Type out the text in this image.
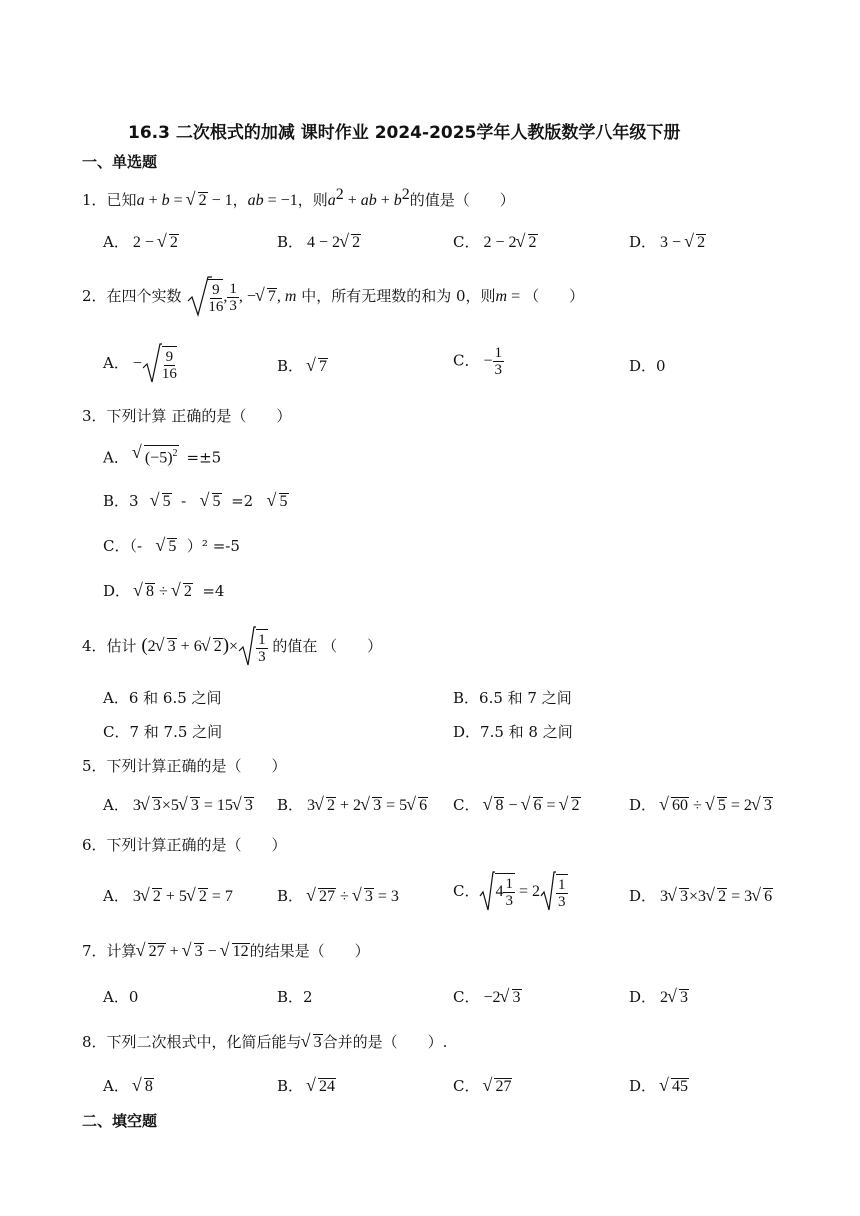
16.3 二次根式的加减 课时作业 2024-2025学年人教版数学八年级下册
一、单选题
1．已知a + b = √ 2 − 1，ab = −1，则$a^2$ + ab + $b^2$的值是（　　）
A． 2 − √ 2	B． 4 − 2 √ 2	C． 2 − 2 √ 2	D． 3 − √ 2
2．在四个实数 $\frac{9}{16}$ , $\frac{1}{3}$ , − √ 7, m 中，所有无理数的和为 0，则m = （　　）
A． − $\frac{9}{16}$	B． √ 7	C． − $\frac{1}{3}$	D．0
3．下列计算 正确的是（　　）
A． √ $(-5)^2 =\pm 5$
B．3 √ 5 - √ 5 =2 √ 5
C．（- √ 5 ）² =-5
D． √ 8 ÷ √ 2 =4
4．估计 (2 √ 3 + 6 √ $2)\times \frac{1}{3}$ 的值在 （　　）
A．6 和 6.5 之间	B．6.5 和 7 之间
C．7 和 7.5 之间	D．7.5 和 8 之间
5．下列计算正确的是（　　）
A． 3 √ 3×5 √ 3 = 15 √ 3 B． 3 √ 2 + 2 √ 3 = 5 √ 6 C． √ 8 − √ 6 = √ 2	D． √ 60 ÷ √ 5 = 2 √ 3
6．下列计算正确的是（　　）
A． 3 √ 2 + 5 √ 2 = 7	B． √ 27 ÷ √ 3 = 3	C． $4 \frac{1}{3} = 2 \frac{1}{3}$	D． 3 √ 3×3 √ 2 = 3 √ 6
7．计算 √ 27 + √ 3 − √ 12的结果是（　　）
A．0	B．2	C． −2 √ 3	D． 2 √ 3
8．下列二次根式中，化简后能与 √ 3合并的是（　　）.
A． √ 8	B． √ 24	C． √ 27	D． √ 45
二、填空题
